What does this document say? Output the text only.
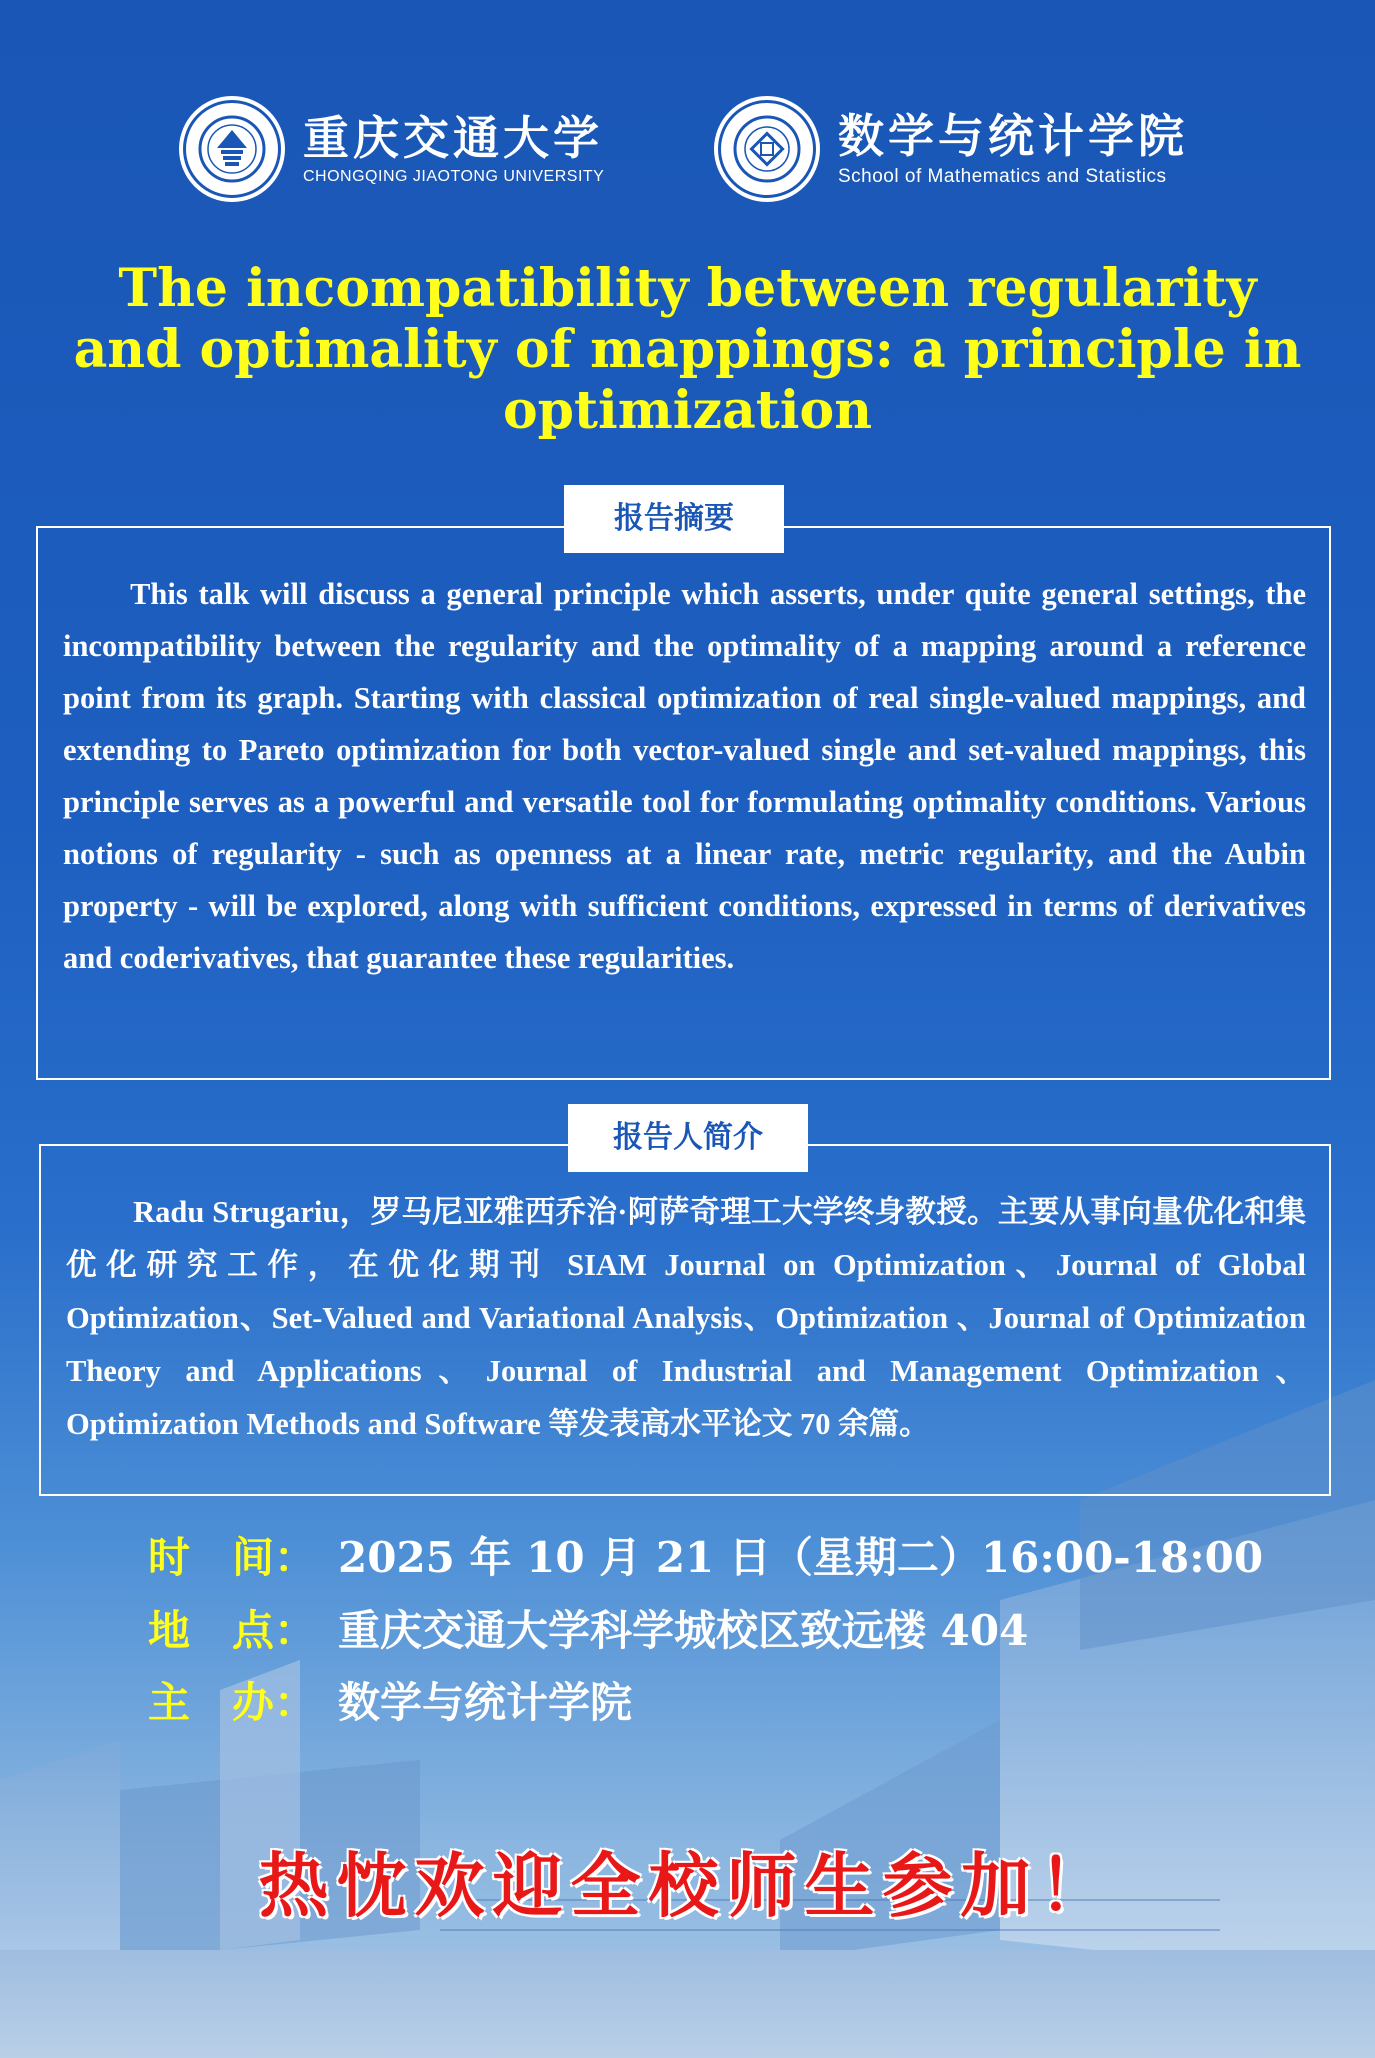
重庆交通大学
CHONGQING JIAOTONG UNIVERSITY
数学与统计学院
School of Mathematics and Statistics
The incompatibility between regularity and optimality of mappings: a principle in optimization
This talk will discuss a general principle which asserts, under quite general settings, the incompatibility between the regularity and the optimality of a mapping around a reference point from its graph. Starting with classical optimization of real single-valued mappings, and extending to Pareto optimization for both vector-valued single and set-valued mappings, this principle serves as a powerful and versatile tool for formulating optimality conditions. Various notions of regularity - such as openness at a linear rate, metric regularity, and the Aubin property - will be explored, along with sufficient conditions, expressed in terms of derivatives and coderivatives, that guarantee these regularities.
报告摘要
Radu Strugariu，罗马尼亚雅西乔治·阿萨奇理工大学终身教授。主要从事向量优化和集优化研究工作，在优化期刊 SIAM Journal on Optimization、Journal of Global Optimization、Set-Valued and Variational Analysis、Optimization 、Journal of Optimization Theory and Applications、Journal of Industrial and Management Optimization、 Optimization Methods and Software 等发表高水平论文 70 余篇。
报告人简介
时　间： 2025 年 10 月 21 日（星期二）16:00-18:00
地　点： 重庆交通大学科学城校区致远楼 404
主　办： 数学与统计学院
热忱欢迎全校师生参加！
